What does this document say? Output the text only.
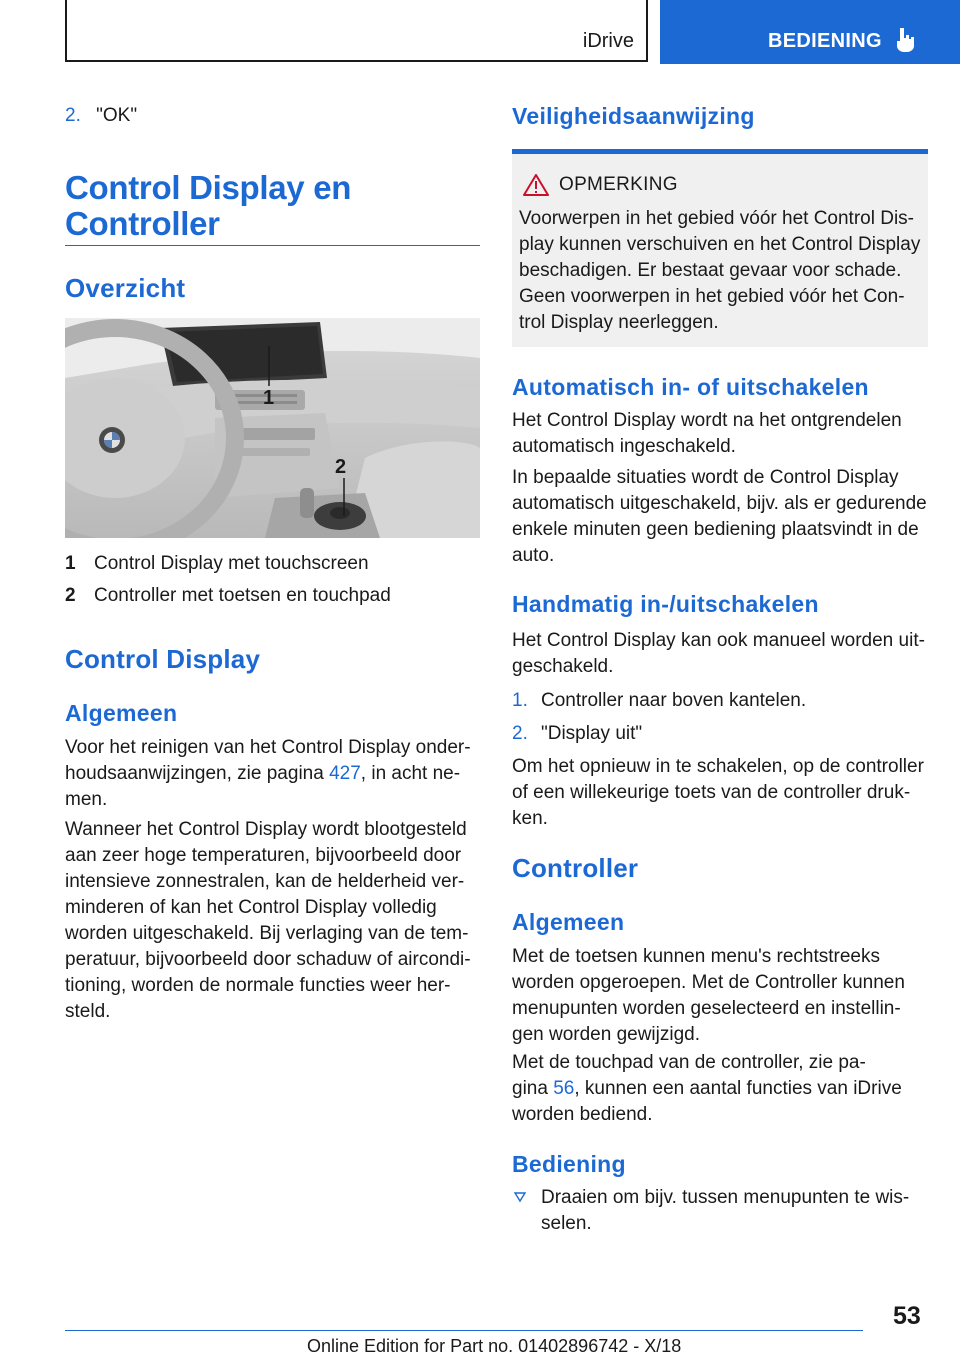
iDrive	BEDIENING
2. "OK"
Control Display en
Controller
Overzicht
1
2
1 Control Display met touchscreen
2 Controller met toetsen en touchpad
Control Display
Algemeen

Voor het reinigen van het Control Display onder‐

houdsaanwijzingen, zie pagina 427, in acht ne‐

men.

Wanneer het Control Display wordt blootgesteld

aan zeer hoge temperaturen, bijvoorbeeld door

intensieve zonnestralen, kan de helderheid ver‐

minderen of kan het Control Display volledig

worden uitgeschakeld. Bij verlaging van de tem‐

peratuur, bijvoorbeeld door schaduw of aircondi‐

tioning, worden de normale functies weer her‐

steld.

Veiligheidsaanwijzing
OPMERKING

Voorwerpen in het gebied vóór het Control Dis‐

play kunnen verschuiven en het Control Display

beschadigen. Er bestaat gevaar voor schade.

Geen voorwerpen in het gebied vóór het Con‐

trol Display neerleggen.

Automatisch in- of uitschakelen

Het Control Display wordt na het ontgrendelen

automatisch ingeschakeld.

In bepaalde situaties wordt de Control Display

automatisch uitgeschakeld, bijv. als er gedurende

enkele minuten geen bediening plaatsvindt in de

auto.

Handmatig in-/uitschakelen

Het Control Display kan ook manueel worden uit‐

geschakeld.

1. Controller naar boven kantelen.
2. "Display uit"

Om het opnieuw in te schakelen, op de controller

of een willekeurige toets van de controller druk‐

ken.

Controller
Algemeen

Met de toetsen kunnen menu's rechtstreeks

worden opgeroepen. Met de Controller kunnen

menupunten worden geselecteerd en instellin‐

gen worden gewijzigd.

Met de touchpad van de controller, zie pa‐

gina 56, kunnen een aantal functies van iDrive

worden bediend.

Bediening

Draaien om bijv. tussen menupunten te wis‐

selen.

53
Online Edition for Part no. 01402896742 - X/18
